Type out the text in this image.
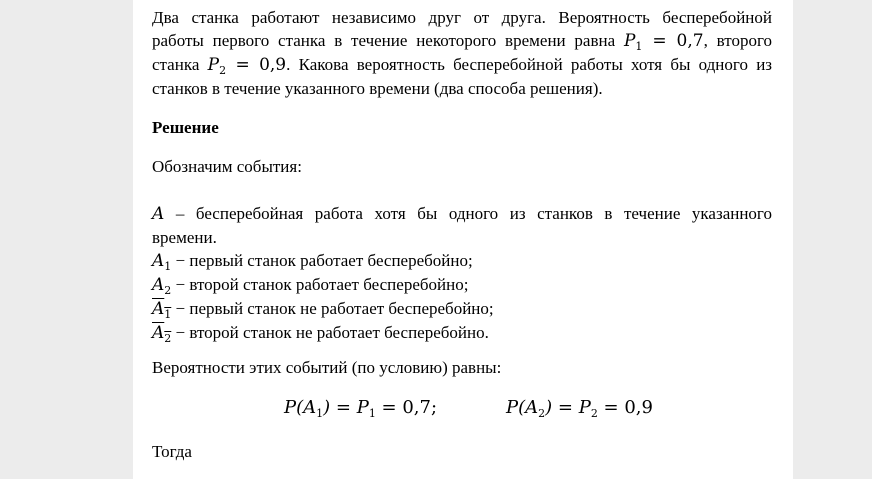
Два станка работают независимо друг от друга. Вероятность бесперебойной
работы первого станка в течение некоторого времени равна $P_1 = 0,7$, второго
станка $P_2 = 0,9$. Какова вероятность бесперебойной работы хотя бы одного из
станков в течение указанного времени (два способа решения).
Решение
Обозначим события:
A – бесперебойная работа хотя бы одного из станков в течение указанного
времени.
$A_1$ − первый станок работает бесперебойно;
$A_2$ − второй станок работает бесперебойно;
$A_1$ − первый станок не работает бесперебойно;
$A_2$ − второй станок не работает бесперебойно.
Вероятности этих событий (по условию) равны:
$P(A_1) = P_1 = 0,7$;	$P(A_2) = P_2 = 0,9$
Тогда
